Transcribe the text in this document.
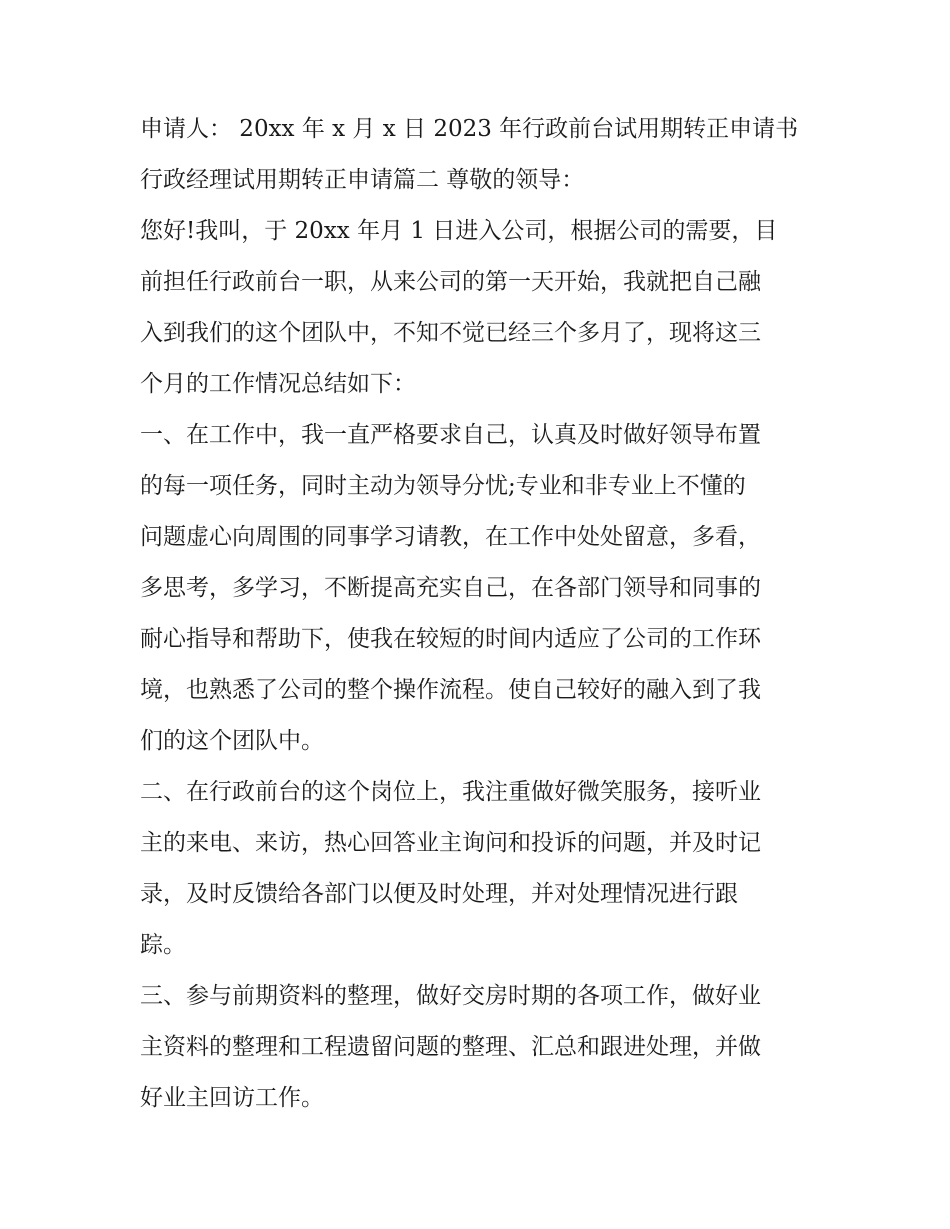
申请人： 20xx 年 x 月 x 日 2023 年行政前台试用期转正申请书
行政经理试用期转正申请篇二 尊敬的领导：
您好!我叫，于 20xx 年月 1 日进入公司，根据公司的需要，目
前担任行政前台一职，从来公司的第一天开始，我就把自己融
入到我们的这个团队中，不知不觉已经三个多月了，现将这三
个月的工作情况总结如下：
一、在工作中，我一直严格要求自己，认真及时做好领导布置
的每一项任务，同时主动为领导分忧;专业和非专业上不懂的
问题虚心向周围的同事学习请教，在工作中处处留意，多看，
多思考，多学习，不断提高充实自己，在各部门领导和同事的
耐心指导和帮助下，使我在较短的时间内适应了公司的工作环
境，也熟悉了公司的整个操作流程。使自己较好的融入到了我
们的这个团队中。
二、在行政前台的这个岗位上，我注重做好微笑服务，接听业
主的来电、来访，热心回答业主询问和投诉的问题，并及时记
录，及时反馈给各部门以便及时处理，并对处理情况进行跟
踪。
三、参与前期资料的整理，做好交房时期的各项工作，做好业
主资料的整理和工程遗留问题的整理、汇总和跟进处理，并做
好业主回访工作。
